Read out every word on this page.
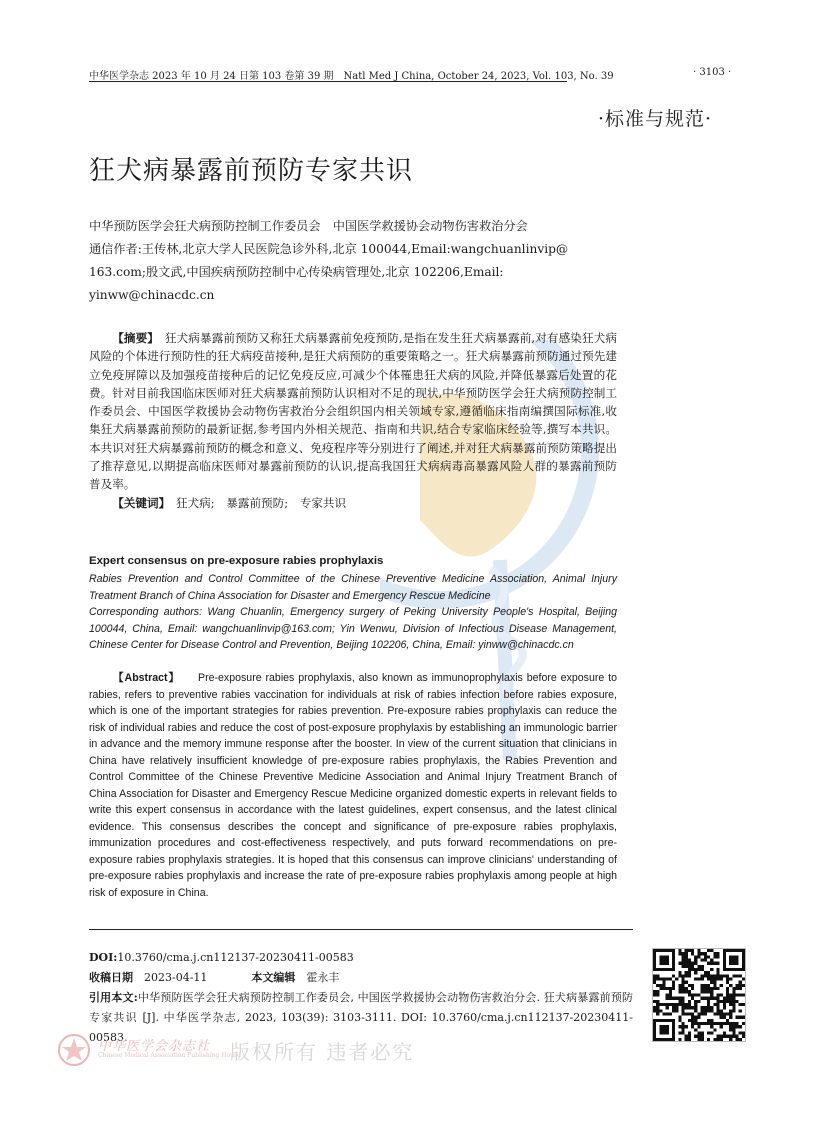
中华医学杂志 2023 年 10 月 24 日第 103 卷第 39 期　Natl Med J China, October 24, 2023, Vol. 103, No. 39	· 3103 ·
·标准与规范·
狂犬病暴露前预防专家共识
中华预防医学会狂犬病预防控制工作委员会　中国医学救援协会动物伤害救治分会
通信作者:王传林,北京大学人民医院急诊外科,北京 100044,Email:wangchuanlinvip@
163.com;殷文武,中国疾病预防控制中心传染病管理处,北京 102206,Email:
yinww@chinacdc.cn

【摘要】　 狂犬病暴露前预防又称狂犬病暴露前免疫预防,是指在发生狂犬病暴露前,对有感染狂犬病风险的个体进行预防性的狂犬病疫苗接种,是狂犬病预防的重要策略之一。狂犬病暴露前预防通过预先建立免疫屏障以及加强疫苗接种后的记忆免疫反应,可减少个体罹患狂犬病的风险,并降低暴露后处置的花费。针对目前我国临床医师对狂犬病暴露前预防认识相对不足的现状,中华预防医学会狂犬病预防控制工作委员会、中国医学救援协会动物伤害救治分会组织国内相关领域专家,遵循临床指南编撰国际标准,收集狂犬病暴露前预防的最新证据,参考国内外相关规范、指南和共识,结合专家临床经验等,撰写本共识。本共识对狂犬病暴露前预防的概念和意义、免疫程序等分别进行了阐述,并对狂犬病暴露前预防策略提出了推荐意见,以期提高临床医师对暴露前预防的认识,提高我国狂犬病病毒高暴露风险人群的暴露前预防普及率。

【关键词】　 狂犬病;　暴露前预防;　专家共识

Expert consensus on pre-exposure rabies prophylaxis
Rabies Prevention and Control Committee of the Chinese Preventive Medicine Association, Animal Injury Treatment Branch of China Association for Disaster and Emergency Rescue Medicine
Corresponding authors: Wang Chuanlin, Emergency surgery of Peking University People's Hospital, Beijing 100044, China, Email: wangchuanlinvip@163.com; Yin Wenwu, Division of Infectious Disease Management, Chinese Center for Disease Control and Prevention, Beijing 102206, China, Email: yinww@chinacdc.cn
【Abstract】 Pre-exposure rabies prophylaxis, also known as immunoprophylaxis before exposure to rabies, refers to preventive rabies vaccination for individuals at risk of rabies infection before rabies exposure, which is one of the important strategies for rabies prevention. Pre-exposure rabies prophylaxis can reduce the risk of individual rabies and reduce the cost of post-exposure prophylaxis by establishing an immunologic barrier in advance and the memory immune response after the booster. In view of the current situation that clinicians in China have relatively insufficient knowledge of pre-exposure rabies prophylaxis, the Rabies Prevention and Control Committee of the Chinese Preventive Medicine Association and Animal Injury Treatment Branch of China Association for Disaster and Emergency Rescue Medicine organized domestic experts in relevant fields to write this expert consensus in accordance with the latest guidelines, expert consensus, and the latest clinical evidence. This consensus describes the concept and significance of pre-exposure rabies prophylaxis, immunization procedures and cost-effectiveness respectively, and puts forward recommendations on pre-exposure rabies prophylaxis strategies. It is hoped that this consensus can improve clinicians' understanding of pre-exposure rabies prophylaxis and increase the rate of pre-exposure rabies prophylaxis among people at high risk of exposure in China.
DOI:10.3760/cma.j.cn112137-20230411-00583
收稿日期　 2023-04-11	本文编辑　 霍永丰
引用本文:中华预防医学会狂犬病预防控制工作委员会, 中国医学救援协会动物伤害救治分会. 狂犬病暴露前预防专家共识 [J]. 中华医学杂志, 2023, 103(39): 3103-3111. DOI: 10.3760/cma.j.cn112137-20230411-00583.
中华医学会杂志社
Chinese Medical Association Publishing House
版权所有 违者必究
